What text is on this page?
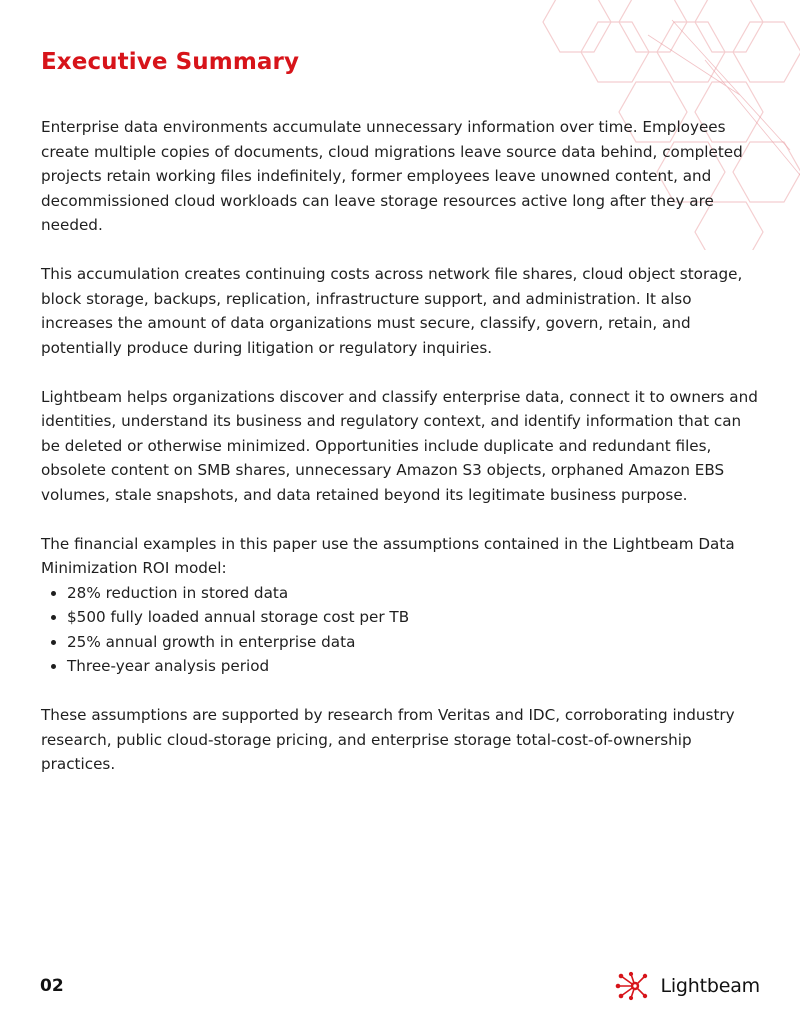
Executive Summary

Enterprise data environments accumulate unnecessary information over time. Employees create multiple copies of documents, cloud migrations leave source data behind, completed projects retain working files indefinitely, former employees leave unowned content, and decommissioned cloud workloads can leave storage resources active long after they are needed.

This accumulation creates continuing costs across network file shares, cloud object storage, block storage, backups, replication, infrastructure support, and administration. It also increases the amount of data organizations must secure, classify, govern, retain, and potentially produce during litigation or regulatory inquiries.

Lightbeam helps organizations discover and classify enterprise data, connect it to owners and identities, understand its business and regulatory context, and identify information that can be deleted or otherwise minimized. Opportunities include duplicate and redundant files, obsolete content on SMB shares, unnecessary Amazon S3 objects, orphaned Amazon EBS volumes, stale snapshots, and data retained beyond its legitimate business purpose.

The financial examples in this paper use the assumptions contained in the Lightbeam Data Minimization ROI model:

• 28% reduction in stored data
• $500 fully loaded annual storage cost per TB
• 25% annual growth in enterprise data
• Three-year analysis period

These assumptions are supported by research from Veritas and IDC, corroborating industry research, public cloud-storage pricing, and enterprise storage total-cost-of-ownership practices.

02	Lightbeam
